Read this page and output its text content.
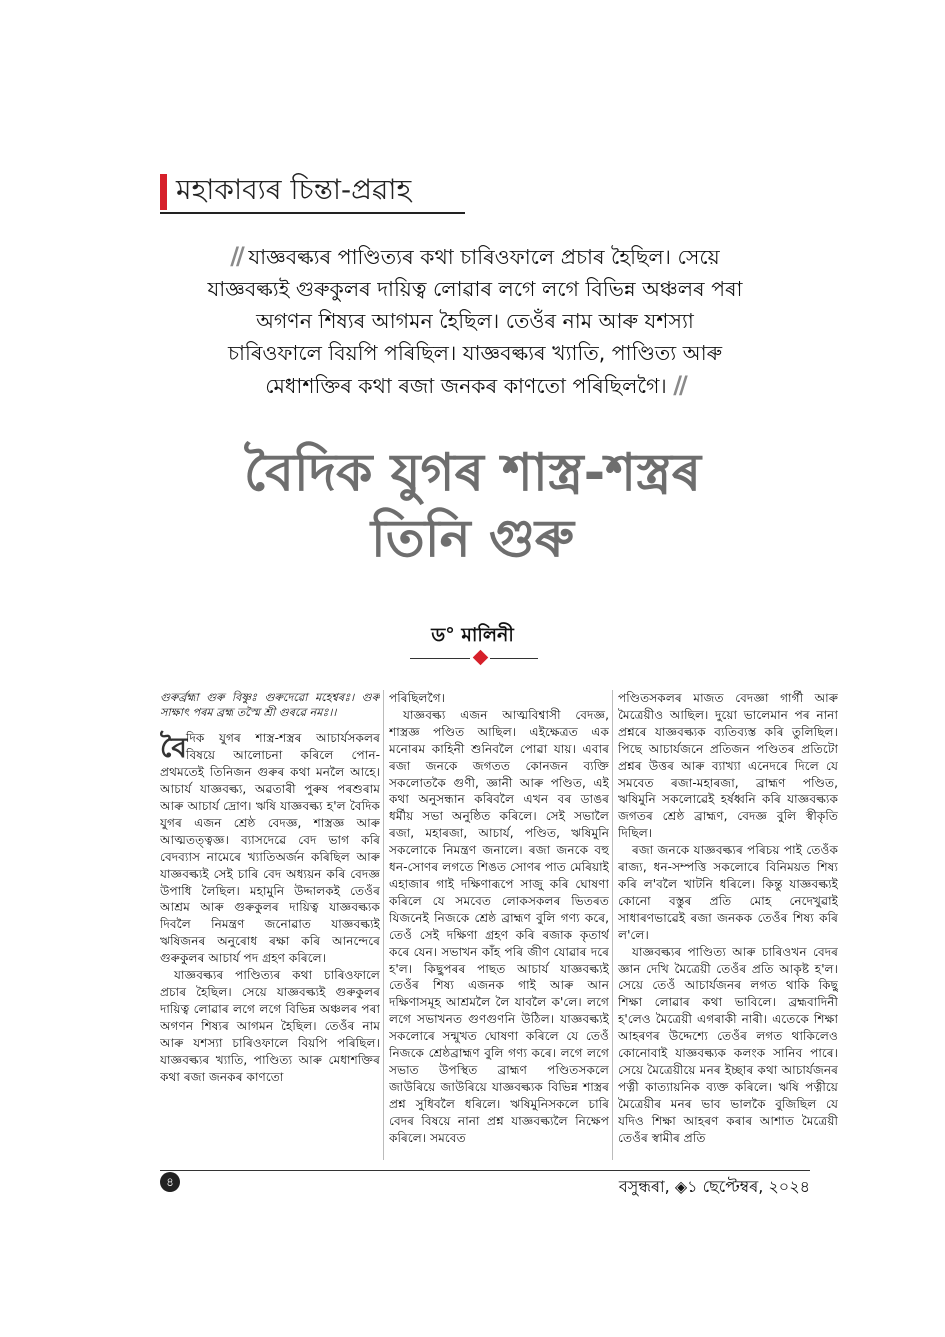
মহাকাব্যৰ চিন্তা-প্ৰৱাহ
// যাজ্ঞবল্ক্যৰ পাণ্ডিত্যৰ কথা চাৰিওফালে প্ৰচাৰ হৈছিল। সেয়ে
যাজ্ঞবল্ক্যই গুৰুকুলৰ দায়িত্ব লোৱাৰ লগে লগে বিভিন্ন অঞ্চলৰ পৰা
অগণন শিষ্যৰ আগমন হৈছিল। তেওঁৰ নাম আৰু যশস্যা
চাৰিওফালে বিয়পি পৰিছিল। যাজ্ঞবল্ক্যৰ খ্যাতি, পাণ্ডিত্য আৰু
মেধাশক্তিৰ কথা ৰজা জনকৰ কাণতো পৰিছিলগৈ। //
বৈদিক যুগৰ শাস্ত্ৰ-শস্ত্ৰৰ
তিনি গুৰু
ড° মালিনী

গুৰুৰ্ব্ৰহ্মা গুৰু বিষ্ণুঃ গুৰুদেৱো মহেশ্বৰঃ। গুৰু সাক্ষাৎ পৰম ব্ৰহ্ম তস্মৈ শ্ৰী গুৰৱে নমঃ।।

বৈদিক যুগৰ শাস্ত্ৰ-শস্ত্ৰৰ আচাৰ্যসকলৰ বিষয়ে আলোচনা কৰিলে পোন-প্ৰথমতেই তিনিজন গুৰুৰ কথা মনলৈ আহে। আচাৰ্য যাজ্ঞবল্ক্য, অৱতাৰী পুৰুষ পৰশুৰাম আৰু আচাৰ্য দ্ৰোণ। ঋষি যাজ্ঞবল্ক্য হ'ল বৈদিক যুগৰ এজন শ্ৰেষ্ঠ বেদজ্ঞ, শাস্ত্ৰজ্ঞ আৰু আত্মতত্ত্বজ্ঞ। ব্যাসদেৱে বেদ ভাগ কৰি বেদব্যাস নামেৰে খ্যাতিঅৰ্জন কৰিছিল আৰু যাজ্ঞবল্ক্যই সেই চাৰি বেদ অধ্যয়ন কৰি বেদজ্ঞ উপাধি লৈছিল। মহামুনি উদ্দালকই তেওঁৰ আশ্ৰম আৰু গুৰুকুলৰ দায়িত্ব যাজ্ঞবল্ক্যক দিবলৈ নিমন্ত্ৰণ জনোৱাত যাজ্ঞবল্ক্যই ঋষিজনৰ অনুৰোধ ৰক্ষা কৰি আনন্দেৰে গুৰুকুলৰ আচাৰ্য পদ গ্ৰহণ কৰিলে।

যাজ্ঞবল্ক্যৰ পাণ্ডিত্যৰ কথা চাৰিওফালে প্ৰচাৰ হৈছিল। সেয়ে যাজ্ঞবল্ক্যই গুৰুকুলৰ দায়িত্ব লোৱাৰ লগে লগে বিভিন্ন অঞ্চলৰ পৰা অগণন শিষ্যৰ আগমন হৈছিল। তেওঁৰ নাম আৰু যশস্যা চাৰিওফালে বিয়পি পৰিছিল। যাজ্ঞবল্ক্যৰ খ্যাতি, পাণ্ডিত্য আৰু মেধাশক্তিৰ কথা ৰজা জনকৰ কাণতো

পৰিছিলগৈ।

যাজ্ঞবল্ক্য এজন আত্মবিশ্বাসী বেদজ্ঞ, শাস্ত্ৰজ্ঞ পণ্ডিত আছিল। এইক্ষেত্ৰত এক মনোৰম কাহিনী শুনিবলৈ পোৱা যায়। এবাৰ ৰজা জনকে জগতত কোনজন ব্যক্তি সকলোতকৈ গুণী, জ্ঞানী আৰু পণ্ডিত, এই কথা অনুসন্ধান কৰিবলৈ এখন বৰ ডাঙৰ ধৰ্মীয় সভা অনুষ্ঠিত কৰিলে। সেই সভালৈ ৰজা, মহাৰজা, আচাৰ্য, পণ্ডিত, ঋষিমুনি সকলোকে নিমন্ত্ৰণ জনালে। ৰজা জনকে বহু ধন-সোণৰ লগতে শিঙত সোণৰ পাত মেৰিয়াই এহাজাৰ গাই দক্ষিণাৰূপে সাজু কৰি ঘোষণা কৰিলে যে সমবেত লোকসকলৰ ভিতৰত যিজনেই নিজকে শ্ৰেষ্ঠ ব্ৰাহ্মণ বুলি গণ্য কৰে, তেওঁ সেই দক্ষিণা গ্ৰহণ কৰি ৰজাক কৃতাৰ্থ কৰে যেন। সভাখন কাঁহ পৰি জীণ যোৱাৰ দৰে হ'ল। কিছুপৰৰ পাছত আচাৰ্য যাজ্ঞবল্ক্যই তেওঁৰ শিষ্য এজনক গাই আৰু আন দক্ষিণাসমূহ আশ্ৰমলৈ লৈ যাবলৈ ক'লে। লগে লগে সভাখনত গুণগুণনি উঠিল। যাজ্ঞবল্ক্যই সকলোৰে সন্মুখত ঘোষণা কৰিলে যে তেওঁ নিজকে শ্ৰেষ্ঠব্ৰাহ্মণ বুলি গণ্য কৰে। লগে লগে সভাত উপস্থিত ব্ৰাহ্মণ পণ্ডিতসকলে জাউৰিয়ে জাউৰিয়ে যাজ্ঞবল্ক্যক বিভিন্ন শাস্ত্ৰৰ প্ৰশ্ন সুধিবলৈ ধৰিলে। ঋষিমুনিসকলে চাৰি বেদৰ বিষয়ে নানা প্ৰশ্ন যাজ্ঞবল্ক্যলৈ নিক্ষেপ কৰিলে। সমবেত

পণ্ডিতসকলৰ মাজত বেদজ্ঞা গাৰ্গী আৰু মৈত্ৰেয়ীও আছিল। দুয়ো ভালেমান পৰ নানা প্ৰশ্নৰে যাজ্ঞবল্ক্যক ব্যতিব্যস্ত কৰি তুলিছিল। পিছে আচাৰ্যজনে প্ৰতিজন পণ্ডিতৰ প্ৰতিটো প্ৰশ্নৰ উত্তৰ আৰু ব্যাখ্যা এনেদৰে দিলে যে সমবেত ৰজা-মহাৰজা, ব্ৰাহ্মণ পণ্ডিত, ঋষিমুনি সকলোৱেই হৰ্ষধ্বনি কৰি যাজ্ঞবল্ক্যক জগতৰ শ্ৰেষ্ঠ ব্ৰাহ্মণ, বেদজ্ঞ বুলি স্বীকৃতি দিছিল।

ৰজা জনকে যাজ্ঞবল্ক্যৰ পৰিচয় পাই তেওঁক ৰাজ্য, ধন-সম্পত্তি সকলোৰে বিনিময়ত শিষ্য কৰি ল'বলৈ খাটনি ধৰিলে। কিন্তু যাজ্ঞবল্ক্যই কোনো বস্তুৰ প্ৰতি মোহ নেদেখুৱাই সাধাৰণভাৱেই ৰজা জনকক তেওঁৰ শিষ্য কৰি ল'লে।

যাজ্ঞবল্ক্যৰ পাণ্ডিত্য আৰু চাৰিওখন বেদৰ জ্ঞান দেখি মৈত্ৰেয়ী তেওঁৰ প্ৰতি আকৃষ্ট হ'ল। সেয়ে তেওঁ আচাৰ্যজনৰ লগত থাকি কিছু শিক্ষা লোৱাৰ কথা ভাবিলে। ব্ৰহ্মবাদিনী হ'লেও মৈত্ৰেয়ী এগৰাকী নাৰী। এতেকে শিক্ষা আহৰণৰ উদ্দেশ্যে তেওঁৰ লগত থাকিলেও কোনোবাই যাজ্ঞবল্ক্যক কলংক সানিব পাৰে। সেয়ে মৈত্ৰেয়ীয়ে মনৰ ইচ্ছাৰ কথা আচাৰ্যজনৰ পত্নী কাত্যায়নিক ব্যক্ত কৰিলে। ঋষি পত্নীয়ে মৈত্ৰেয়ীৰ মনৰ ভাব ভালকৈ বুজিছিল যে যদিও শিক্ষা আহৰণ কৰাৰ আশাত মৈত্ৰেয়ী তেওঁৰ স্বামীৰ প্ৰতি

৪	বসুন্ধৰা, ◈১ ছেপ্টেম্বৰ, ২০২৪
